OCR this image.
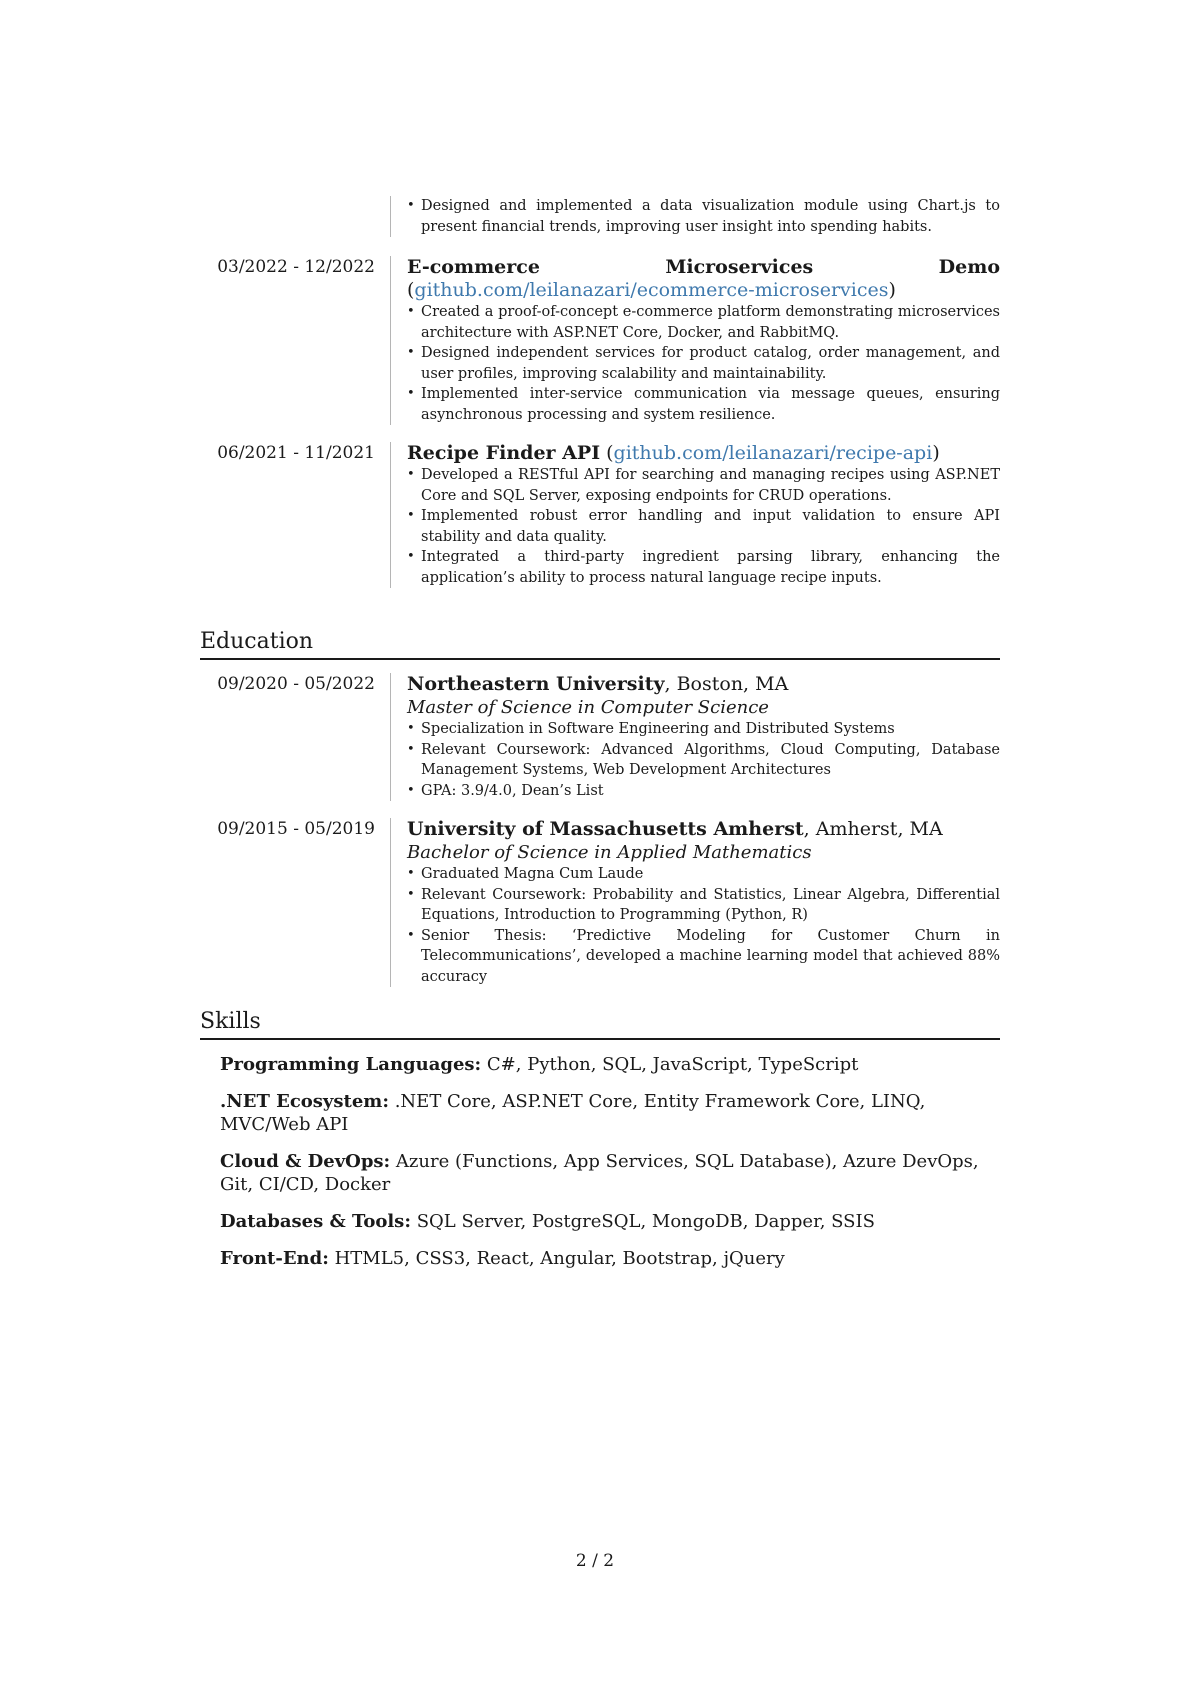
• Designed and implemented a data visualization module using Chart.js to present financial trends, improving user insight into spending habits.
03/2022 - 12/2022 E-commerce Microservices Demo (github.com/leilanazari/ecommerce-microservices)

• Created a proof-of-concept e-commerce platform demonstrating microservices architecture with ASP.NET Core, Docker, and RabbitMQ.
• Designed independent services for product catalog, order management, and user profiles, improving scalability and maintainability.
• Implemented inter-service communication via message queues, ensuring asynchronous processing and system resilience.
06/2021 - 11/2021 Recipe Finder API (github.com/leilanazari/recipe-api)

• Developed a RESTful API for searching and managing recipes using ASP.NET Core and SQL Server, exposing endpoints for CRUD operations.
• Implemented robust error handling and input validation to ensure API stability and data quality.
• Integrated a third-party ingredient parsing library, enhancing the application’s ability to process natural language recipe inputs.
Education
09/2020 - 05/2022 Northeastern University, Boston, MA

Master of Science in Computer Science

• Specialization in Software Engineering and Distributed Systems
• Relevant Coursework: Advanced Algorithms, Cloud Computing, Database Management Systems, Web Development Architectures
• GPA: 3.9/4.0, Dean’s List
09/2015 - 05/2019 University of Massachusetts Amherst, Amherst, MA

Bachelor of Science in Applied Mathematics

• Graduated Magna Cum Laude
• Relevant Coursework: Probability and Statistics, Linear Algebra, Differential Equations, Introduction to Programming (Python, R)
• Senior Thesis: ‘Predictive Modeling for Customer Churn in Telecommunications’, developed a machine learning model that achieved 88% accuracy
Skills
Programming Languages: C#, Python, SQL, JavaScript, TypeScript
.NET Ecosystem: .NET Core, ASP.NET Core, Entity Framework Core, LINQ, MVC/Web API
Cloud & DevOps: Azure (Functions, App Services, SQL Database), Azure DevOps, Git, CI/CD, Docker
Databases & Tools: SQL Server, PostgreSQL, MongoDB, Dapper, SSIS
Front-End: HTML5, CSS3, React, Angular, Bootstrap, jQuery
2 / 2
